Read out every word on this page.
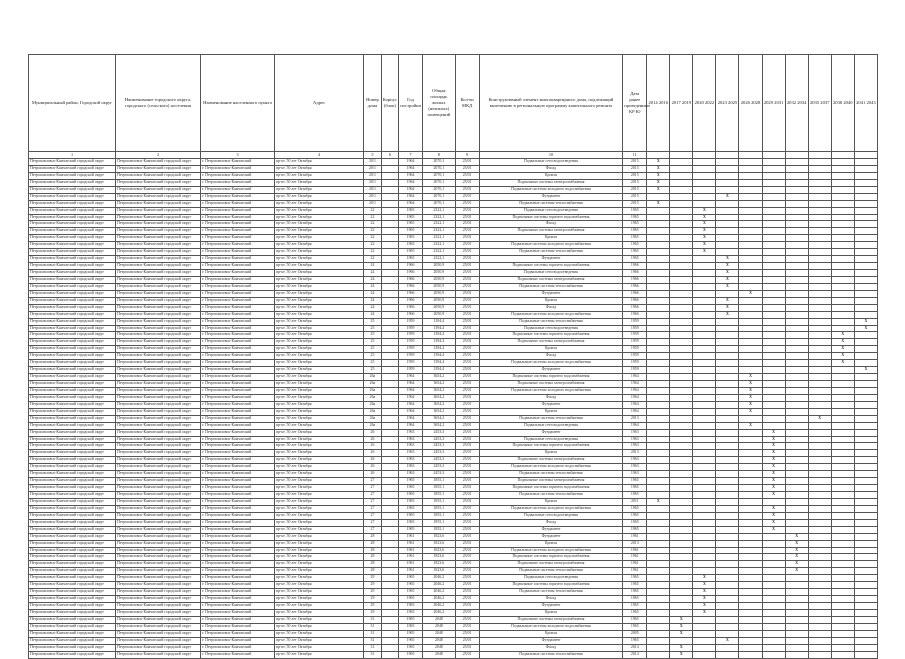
Муниципальный район, Городской округ	Наименование городского округа, городского (сельского) поселения	Наименование населенного пункта	Адрес	Номер дома	Корпус (блок)	Год постройки	Общая площадь жилых (нежилых) помещений	Кол-во МКД	Конструктивный элемент многоквартирного дома, подлежащий включению в региональную программу капитального ремонта	Дата ранее проведенных КР Ю	2014 2016	2017 2019	2020 2022	2023 2025	2026 2028	2029 2031	2032 2034	2035 2037	2038 2040	2041 2043
1	2	3	4	5	6	7	8	9	10	11										
Петропавловск-Камчатский городской округ	Петропавловск-Камчатский городской округ	г. Петропавловск-Камчатский	пр-кт. 50 лет Октября	20/1		1964	2070,1	25/01	Подвальные сети водоотведения	2015	X									
Петропавловск-Камчатский городской округ	Петропавловск-Камчатский городской округ	г. Петропавловск-Камчатский	пр-кт. 50 лет Октября	20/1		1964	2070,1	25/01	Фасад	2015	X									
Петропавловск-Камчатский городской округ	Петропавловск-Камчатский городской округ	г. Петропавловск-Камчатский	пр-кт. 50 лет Октября	20/1		1964	2070,1	25/01	Кровля	2015	X									
Петропавловск-Камчатский городской округ	Петропавловск-Камчатский городской округ	г. Петропавловск-Камчатский	пр-кт. 50 лет Октября	20/1		1964	2070,1	25/01	Подвальные системы электроснабжения	2015	X									
Петропавловск-Камчатский городской округ	Петропавловск-Камчатский городской округ	г. Петропавловск-Камчатский	пр-кт. 50 лет Октября	20/1		1964	2070,1	25/01	Подвальные системы холодного водоснабжения	2015	X									
Петропавловск-Камчатский городской округ	Петропавловск-Камчатский городской округ	г. Петропавловск-Камчатский	пр-кт. 50 лет Октября	20/1		1964	2070,1	25/01	Фундамент	2015				X						
Петропавловск-Камчатский городской округ	Петропавловск-Камчатский городской округ	г. Петропавловск-Камчатский	пр-кт. 50 лет Октября	20/1		1964	2070,1	25/01	Подвальные системы теплоснабжения	2015	X									
Петропавловск-Камчатский городской округ	Петропавловск-Камчатский городской округ	г. Петропавловск-Камчатский	пр-кт. 50 лет Октября	22		1965	2322,1	25/01	Подвальные сети водоотведения	1965			X							
Петропавловск-Камчатский городской округ	Петропавловск-Камчатский городской округ	г. Петропавловск-Камчатский	пр-кт. 50 лет Октября	22		1965	2322,1	25/01	Подвальные системы горячего водоснабжения	1965			X							
Петропавловск-Камчатский городской округ	Петропавловск-Камчатский городской округ	г. Петропавловск-Камчатский	пр-кт. 50 лет Октября	22		1965	2322,1	25/01	Фасад	1965			X							
Петропавловск-Камчатский городской округ	Петропавловск-Камчатский городской округ	г. Петропавловск-Камчатский	пр-кт. 50 лет Октября	22		1965	2322,1	25/01	Подвальные системы электроснабжения	1965			X							
Петропавловск-Камчатский городской округ	Петропавловск-Камчатский городской округ	г. Петропавловск-Камчатский	пр-кт. 50 лет Октября	22		1965	2322,1	25/01	Кровля	1965			X							
Петропавловск-Камчатский городской округ	Петропавловск-Камчатский городской округ	г. Петропавловск-Камчатский	пр-кт. 50 лет Октября	22		1965	2322,1	25/01	Подвальные системы холодного водоснабжения	1965			X							
Петропавловск-Камчатский городской округ	Петропавловск-Камчатский городской округ	г. Петропавловск-Камчатский	пр-кт. 50 лет Октября	22		1965	2322,1	25/01	Подвальные системы теплоснабжения	1965			X							
Петропавловск-Камчатский городской округ	Петропавловск-Камчатский городской округ	г. Петропавловск-Камчатский	пр-кт. 50 лет Октября	22		1965	2322,1	25/01	Фундамент	1965				X						
Петропавловск-Камчатский городской округ	Петропавловск-Камчатский городской округ	г. Петропавловск-Камчатский	пр-кт. 50 лет Октября	24		1966	2050,9	25/01	Подвальные системы горячего водоснабжения	1966				X						
Петропавловск-Камчатский городской округ	Петропавловск-Камчатский городской округ	г. Петропавловск-Камчатский	пр-кт. 50 лет Октября	24		1966	2050,9	25/01	Подвальные сети водоотведения	1966				X						
Петропавловск-Камчатский городской округ	Петропавловск-Камчатский городской округ	г. Петропавловск-Камчатский	пр-кт. 50 лет Октября	24		1966	2050,9	25/01	Подвальные системы электроснабжения	1966				X						
Петропавловск-Камчатский городской округ	Петропавловск-Камчатский городской округ	г. Петропавловск-Камчатский	пр-кт. 50 лет Октября	24		1966	2050,9	25/01	Подвальные системы теплоснабжения	1966				X						
Петропавловск-Камчатский городской округ	Петропавловск-Камчатский городской округ	г. Петропавловск-Камчатский	пр-кт. 50 лет Октября	24		1966	2050,9	25/01	Фундамент	1966					X					
Петропавловск-Камчатский городской округ	Петропавловск-Камчатский городской округ	г. Петропавловск-Камчатский	пр-кт. 50 лет Октября	24		1966	2050,9	25/01	Кровля	1966				X						
Петропавловск-Камчатский городской округ	Петропавловск-Камчатский городской округ	г. Петропавловск-Камчатский	пр-кт. 50 лет Октября	24		1966	2050,9	25/01	Фасад	1966				X						
Петропавловск-Камчатский городской округ	Петропавловск-Камчатский городской округ	г. Петропавловск-Камчатский	пр-кт. 50 лет Октября	24		1966	2050,9	25/01	Подвальные системы холодного водоснабжения	1966				X						
Петропавловск-Камчатский городской округ	Петропавловск-Камчатский городской округ	г. Петропавловск-Камчатский	пр-кт. 50 лет Октября	25		1959	1394,4	25/01	Подвальные системы теплоснабжения	1959										X
Петропавловск-Камчатский городской округ	Петропавловск-Камчатский городской округ	г. Петропавловск-Камчатский	пр-кт. 50 лет Октября	25		1959	1394,4	25/01	Подвальные сети водоотведения	1959										X
Петропавловск-Камчатский городской округ	Петропавловск-Камчатский городской округ	г. Петропавловск-Камчатский	пр-кт. 50 лет Октября	25		1959	1394,4	25/01	Подвальные системы горячего водоснабжения	1959									X	
Петропавловск-Камчатский городской округ	Петропавловск-Камчатский городской округ	г. Петропавловск-Камчатский	пр-кт. 50 лет Октября	25		1959	1394,4	25/01	Подвальные системы электроснабжения	1959									X	
Петропавловск-Камчатский городской округ	Петропавловск-Камчатский городской округ	г. Петропавловск-Камчатский	пр-кт. 50 лет Октября	25		1959	1394,4	25/01	Кровля	1959									X	
Петропавловск-Камчатский городской округ	Петропавловск-Камчатский городской округ	г. Петропавловск-Камчатский	пр-кт. 50 лет Октября	25		1959	1394,4	25/01	Фасад	1959									X	
Петропавловск-Камчатский городской округ	Петропавловск-Камчатский городской округ	г. Петропавловск-Камчатский	пр-кт. 50 лет Октября	25		1959	1394,4	25/01	Подвальные системы холодного водоснабжения	1959									X	
Петропавловск-Камчатский городской округ	Петропавловск-Камчатский городской округ	г. Петропавловск-Камчатский	пр-кт. 50 лет Октября	25		1959	1394,4	25/01	Фундамент	1959										X
Петропавловск-Камчатский городской округ	Петропавловск-Камчатский городской округ	г. Петропавловск-Камчатский	пр-кт. 50 лет Октября	26а		1964	3654,2	25/01	Подвальные системы горячего водоснабжения	1964					X					
Петропавловск-Камчатский городской округ	Петропавловск-Камчатский городской округ	г. Петропавловск-Камчатский	пр-кт. 50 лет Октября	26а		1964	3654,2	25/01	Подвальные системы электроснабжения	1964					X					
Петропавловск-Камчатский городской округ	Петропавловск-Камчатский городской округ	г. Петропавловск-Камчатский	пр-кт. 50 лет Октября	26а		1964	3654,2	25/01	Подвальные системы холодного водоснабжения	1964					X					
Петропавловск-Камчатский городской округ	Петропавловск-Камчатский городской округ	г. Петропавловск-Камчатский	пр-кт. 50 лет Октября	26а		1964	3654,2	25/01	Фасад	1964					X					
Петропавловск-Камчатский городской округ	Петропавловск-Камчатский городской округ	г. Петропавловск-Камчатский	пр-кт. 50 лет Октября	26а		1964	3654,2	25/01	Фундамент	1964					X					
Петропавловск-Камчатский городской округ	Петропавловск-Камчатский городской округ	г. Петропавловск-Камчатский	пр-кт. 50 лет Октября	26а		1964	3654,2	25/01	Кровля	1964					X					
Петропавловск-Камчатский городской округ	Петропавловск-Камчатский городской округ	г. Петропавловск-Камчатский	пр-кт. 50 лет Октября	26а		1964	3654,2	25/01	Подвальные системы теплоснабжения	2013								X		
Петропавловск-Камчатский городской округ	Петропавловск-Камчатский городской округ	г. Петропавловск-Камчатский	пр-кт. 50 лет Октября	26а		1964	3654,2	25/01	Подвальные сети водоотведения	1964					X					
Петропавловск-Камчатский городской округ	Петропавловск-Камчатский городской округ	г. Петропавловск-Камчатский	пр-кт. 50 лет Октября	26		1963	2453,3	25/01	Фундамент	1963						X				
Петропавловск-Камчатский городской округ	Петропавловск-Камчатский городской округ	г. Петропавловск-Камчатский	пр-кт. 50 лет Октября	26		1963	2453,3	25/01	Подвальные сети водоотведения	1963						X				
Петропавловск-Камчатский городской округ	Петропавловск-Камчатский городской округ	г. Петропавловск-Камчатский	пр-кт. 50 лет Октября	26		1963	2453,3	25/01	Подвальные системы горячего водоснабжения	1963						X				
Петропавловск-Камчатский городской округ	Петропавловск-Камчатский городской округ	г. Петропавловск-Камчатский	пр-кт. 50 лет Октября	26		1963	2453,3	25/01	Кровля	2013						X				
Петропавловск-Камчатский городской округ	Петропавловск-Камчатский городской округ	г. Петропавловск-Камчатский	пр-кт. 50 лет Октября	26		1963	2453,3	25/01	Подвальные системы электроснабжения	1963						X				
Петропавловск-Камчатский городской округ	Петропавловск-Камчатский городской округ	г. Петропавловск-Камчатский	пр-кт. 50 лет Октября	26		1963	2453,3	25/01	Подвальные системы холодного водоснабжения	1963						X				
Петропавловск-Камчатский городской округ	Петропавловск-Камчатский городской округ	г. Петропавловск-Камчатский	пр-кт. 50 лет Октября	26		1963	2453,3	25/01	Подвальные системы теплоснабжения	1963						X				
Петропавловск-Камчатский городской округ	Петропавловск-Камчатский городской округ	г. Петропавловск-Камчатский	пр-кт. 50 лет Октября	27		1965	1855,1	25/01	Подвальные системы электроснабжения	1965						X				
Петропавловск-Камчатский городской округ	Петропавловск-Камчатский городской округ	г. Петропавловск-Камчатский	пр-кт. 50 лет Октября	27		1965	1855,1	25/01	Подвальные системы горячего водоснабжения	1965						X				
Петропавловск-Камчатский городской округ	Петропавловск-Камчатский городской округ	г. Петропавловск-Камчатский	пр-кт. 50 лет Октября	27		1965	1855,1	25/01	Подвальные системы теплоснабжения	1965						X				
Петропавловск-Камчатский городской округ	Петропавловск-Камчатский городской округ	г. Петропавловск-Камчатский	пр-кт. 50 лет Октября	27		1965	1855,1	25/01	Кровля	2011	X									
Петропавловск-Камчатский городской округ	Петропавловск-Камчатский городской округ	г. Петропавловск-Камчатский	пр-кт. 50 лет Октября	27		1965	1855,1	25/01	Подвальные системы холодного водоснабжения	1965						X				
Петропавловск-Камчатский городской округ	Петропавловск-Камчатский городской округ	г. Петропавловск-Камчатский	пр-кт. 50 лет Октября	27		1965	1855,1	25/01	Подвальные сети водоотведения	1965						X				
Петропавловск-Камчатский городской округ	Петропавловск-Камчатский городской округ	г. Петропавловск-Камчатский	пр-кт. 50 лет Октября	27		1965	1855,1	25/01	Фасад	1965						X				
Петропавловск-Камчатский городской округ	Петропавловск-Камчатский городской округ	г. Петропавловск-Камчатский	пр-кт. 50 лет Октября	27		1965	1855,1	25/01	Фундамент	1965						X				
Петропавловск-Камчатский городской округ	Петропавловск-Камчатский городской округ	г. Петропавловск-Камчатский	пр-кт. 50 лет Октября	28		1961	1823,6	25/01	Фундамент	1961							X			
Петропавловск-Камчатский городской округ	Петропавловск-Камчатский городской округ	г. Петропавловск-Камчатский	пр-кт. 50 лет Октября	28		1961	1823,6	25/01	Кровля	2013							X			
Петропавловск-Камчатский городской округ	Петропавловск-Камчатский городской округ	г. Петропавловск-Камчатский	пр-кт. 50 лет Октября	28		1961	1823,6	25/01	Подвальные системы холодного водоснабжения	1961							X			
Петропавловск-Камчатский городской округ	Петропавловск-Камчатский городской округ	г. Петропавловск-Камчатский	пр-кт. 50 лет Октября	28		1961	1823,6	25/01	Подвальные системы горячего водоснабжения	1961							X			
Петропавловск-Камчатский городской округ	Петропавловск-Камчатский городской округ	г. Петропавловск-Камчатский	пр-кт. 50 лет Октября	28		1961	1823,6	25/01	Подвальные системы электроснабжения	1961							X			
Петропавловск-Камчатский городской округ	Петропавловск-Камчатский городской округ	г. Петропавловск-Камчатский	пр-кт. 50 лет Октября	28		1961	1823,6	25/01	Подвальные системы теплоснабжения	1961							X			
Петропавловск-Камчатский городской округ	Петропавловск-Камчатский городской округ	г. Петропавловск-Камчатский	пр-кт. 50 лет Октября	29		1965	2046,2	25/01	Подвальные сети водоотведения	1965			X							
Петропавловск-Камчатский городской округ	Петропавловск-Камчатский городской округ	г. Петропавловск-Камчатский	пр-кт. 50 лет Октября	29		1965	2046,2	25/01	Подвальные системы горячего водоснабжения	1965			X							
Петропавловск-Камчатский городской округ	Петропавловск-Камчатский городской округ	г. Петропавловск-Камчатский	пр-кт. 50 лет Октября	29		1965	2046,2	25/01	Подвальные системы теплоснабжения	1965			X							
Петропавловск-Камчатский городской округ	Петропавловск-Камчатский городской округ	г. Петропавловск-Камчатский	пр-кт. 50 лет Октября	29		1965	2046,2	25/01	Фасад	1965			X							
Петропавловск-Камчатский городской округ	Петропавловск-Камчатский городской округ	г. Петропавловск-Камчатский	пр-кт. 50 лет Октября	29		1965	2046,2	25/01	Фундамент	1965			X							
Петропавловск-Камчатский городской округ	Петропавловск-Камчатский городской округ	г. Петропавловск-Камчатский	пр-кт. 50 лет Октября	29		1965	2046,2	25/01	Кровля	1965			X							
Петропавловск-Камчатский городской округ	Петропавловск-Камчатский городской округ	г. Петропавловск-Камчатский	пр-кт. 50 лет Октября	31		1965	2048	25/01	Подвальные системы электроснабжения	1965		X								
Петропавловск-Камчатский городской округ	Петропавловск-Камчатский городской округ	г. Петропавловск-Камчатский	пр-кт. 50 лет Октября	31		1965	2048	25/01	Подвальные системы холодного водоснабжения	1965		X								
Петропавловск-Камчатский городской округ	Петропавловск-Камчатский городской округ	г. Петропавловск-Камчатский	пр-кт. 50 лет Октября	31		1965	2048	25/01	Кровля	2005		X								
Петропавловск-Камчатский городской округ	Петропавловск-Камчатский городской округ	г. Петропавловск-Камчатский	пр-кт. 50 лет Октября	31		1965	2048	25/01	Фундамент	1965				X						
Петропавловск-Камчатский городской округ	Петропавловск-Камчатский городской округ	г. Петропавловск-Камчатский	пр-кт. 50 лет Октября	31		1965	2048	25/01	Фасад	2014		X								
Петропавловск-Камчатский городской округ	Петропавловск-Камчатский городской округ	г. Петропавловск-Камчатский	пр-кт. 50 лет Октября	31		1965	2048	25/01	Подвальные системы теплоснабжения	2014		X								
